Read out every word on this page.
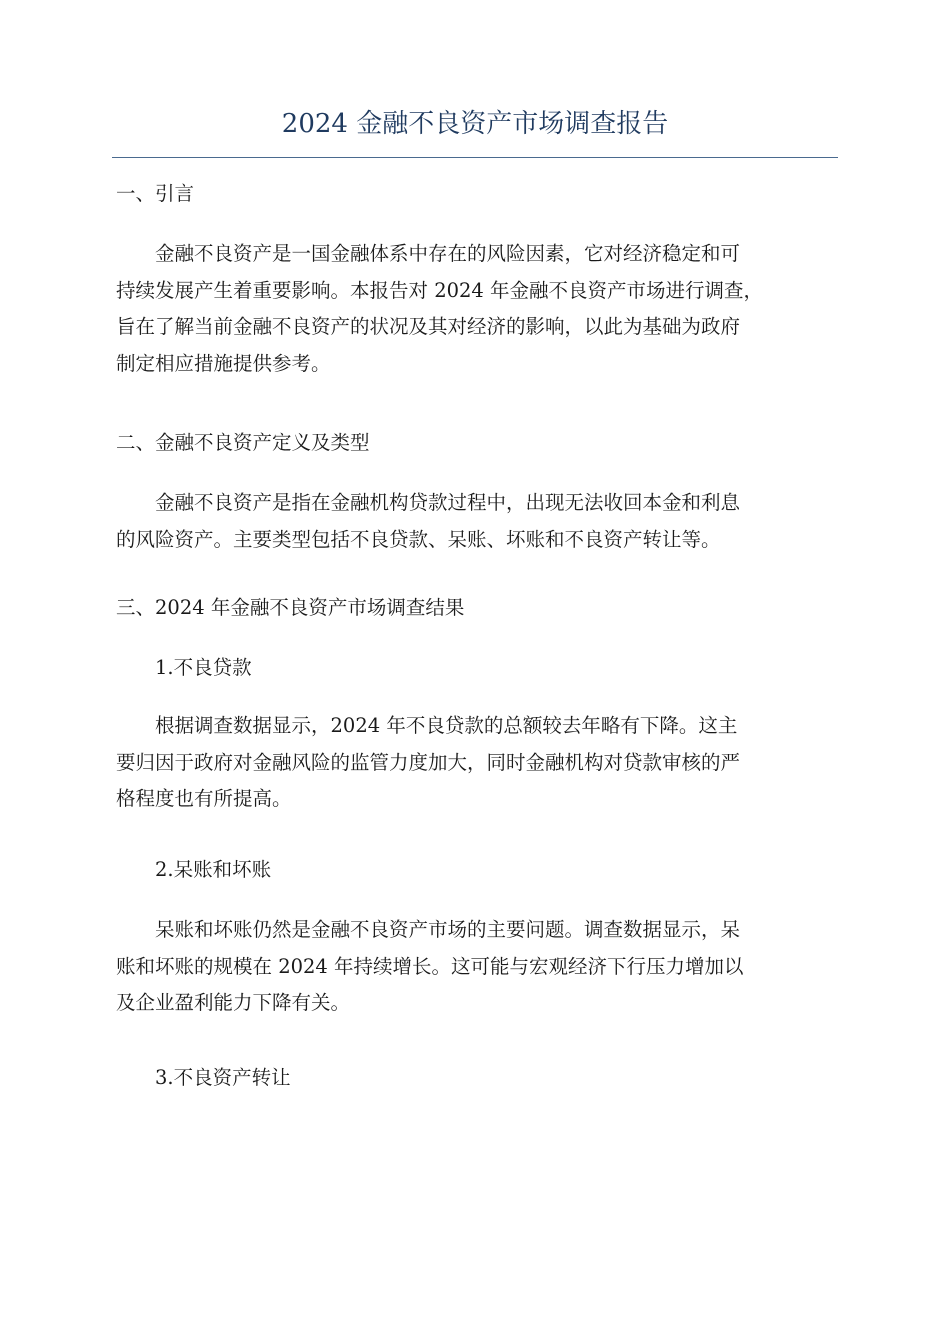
2024 金融不良资产市场调查报告

一、引言

金融不良资产是一国金融体系中存在的风险因素，它对经济稳定和可
持续发展产生着重要影响。本报告对 2024 年金融不良资产市场进行调查，
旨在了解当前金融不良资产的状况及其对经济的影响，以此为基础为政府
制定相应措施提供参考。

二、金融不良资产定义及类型

金融不良资产是指在金融机构贷款过程中，出现无法收回本金和利息
的风险资产。主要类型包括不良贷款、呆账、坏账和不良资产转让等。

三、2024 年金融不良资产市场调查结果

1.不良贷款

根据调查数据显示，2024 年不良贷款的总额较去年略有下降。这主
要归因于政府对金融风险的监管力度加大，同时金融机构对贷款审核的严
格程度也有所提高。

2.呆账和坏账

呆账和坏账仍然是金融不良资产市场的主要问题。调查数据显示，呆
账和坏账的规模在 2024 年持续增长。这可能与宏观经济下行压力增加以
及企业盈利能力下降有关。

3.不良资产转让
